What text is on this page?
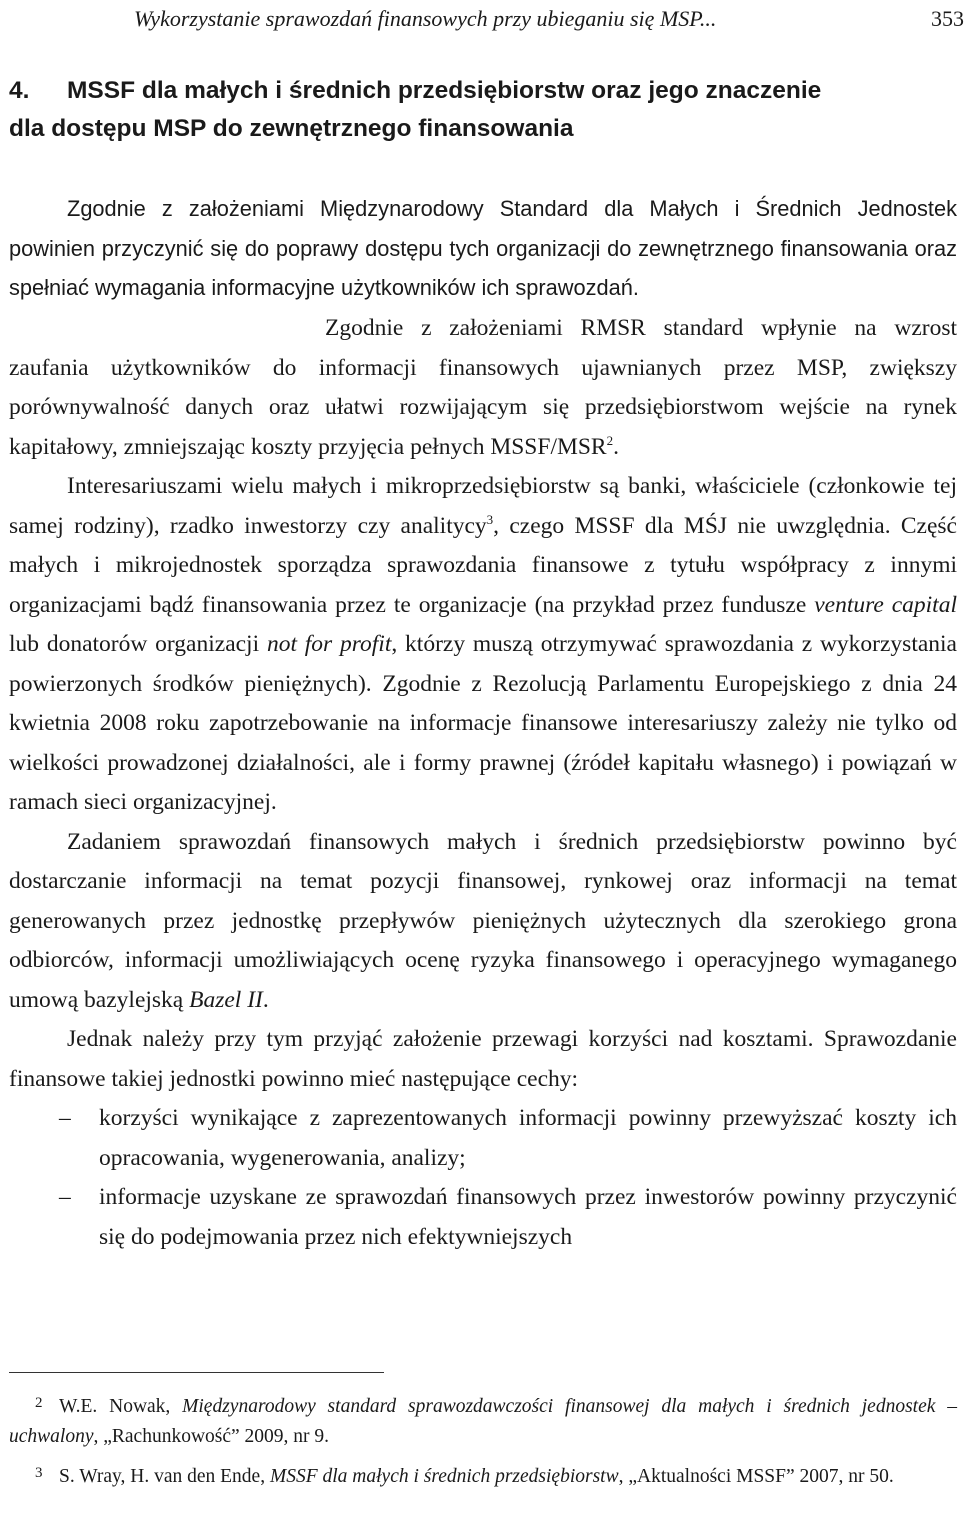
Wykorzystanie sprawozdań finansowych przy ubieganiu się MSP...	353
4. MSSF dla małych i średnich przedsiębiorstw oraz jego znaczenie
dla dostępu MSP do zewnętrznego finansowania

Zgodnie z założeniami Międzynarodowy Standard dla Małych i Średnich Jednostek powinien przyczynić się do poprawy dostępu tych organizacji do zewnętrznego finansowania oraz spełniać wymagania informacyjne użytkowników ich sprawozdań.

Zgodnie z założeniami RMSR standard wpłynie na wzrost zaufania użytkowników do informacji finansowych ujawnianych przez MSP, zwiększy porównywalność danych oraz ułatwi rozwijającym się przedsiębiorstwom wejście na rynek kapitałowy, zmniejszając koszty przyjęcia pełnych MSSF/MSR$^2$.

Interesariuszami wielu małych i mikroprzedsiębiorstw są banki, właściciele (członkowie tej samej rodziny), rzadko inwestorzy czy analitycy$^3$, czego MSSF dla MŚJ nie uwzględnia. Część małych i mikrojednostek sporządza sprawozdania finansowe z tytułu współpracy z innymi organizacjami bądź finansowania przez te organizacje (na przykład przez fundusze venture capital lub donatorów organizacji not for profit, którzy muszą otrzymywać sprawozdania z wykorzystania powierzonych środków pieniężnych). Zgodnie z Rezolucją Parlamentu Europejskiego z dnia 24 kwietnia 2008 roku zapotrzebowanie na informacje finansowe interesariuszy zależy nie tylko od wielkości prowadzonej działalności, ale i formy prawnej (źródeł kapitału własnego) i powiązań w ramach sieci organizacyjnej.

Zadaniem sprawozdań finansowych małych i średnich przedsiębiorstw powinno być dostarczanie informacji na temat pozycji finansowej, rynkowej oraz informacji na temat generowanych przez jednostkę przepływów pieniężnych użytecznych dla szerokiego grona odbiorców, informacji umożliwiających ocenę ryzyka finansowego i operacyjnego wymaganego umową bazylejską Bazel II.

Jednak należy przy tym przyjąć założenie przewagi korzyści nad kosztami. Sprawozdanie finansowe takiej jednostki powinno mieć następujące cechy:

– korzyści wynikające z zaprezentowanych informacji powinny przewyższać koszty ich opracowania, wygenerowania, analizy;
– informacje uzyskane ze sprawozdań finansowych przez inwestorów powinny przyczynić się do podejmowania przez nich efektywniejszych

2 W.E. Nowak, Międzynarodowy standard sprawozdawczości finansowej dla małych i średnich jednostek – uchwalony, „Rachunkowość” 2009, nr 9.

3 S. Wray, H. van den Ende, MSSF dla małych i średnich przedsiębiorstw, „Aktualności MSSF” 2007, nr 50.
